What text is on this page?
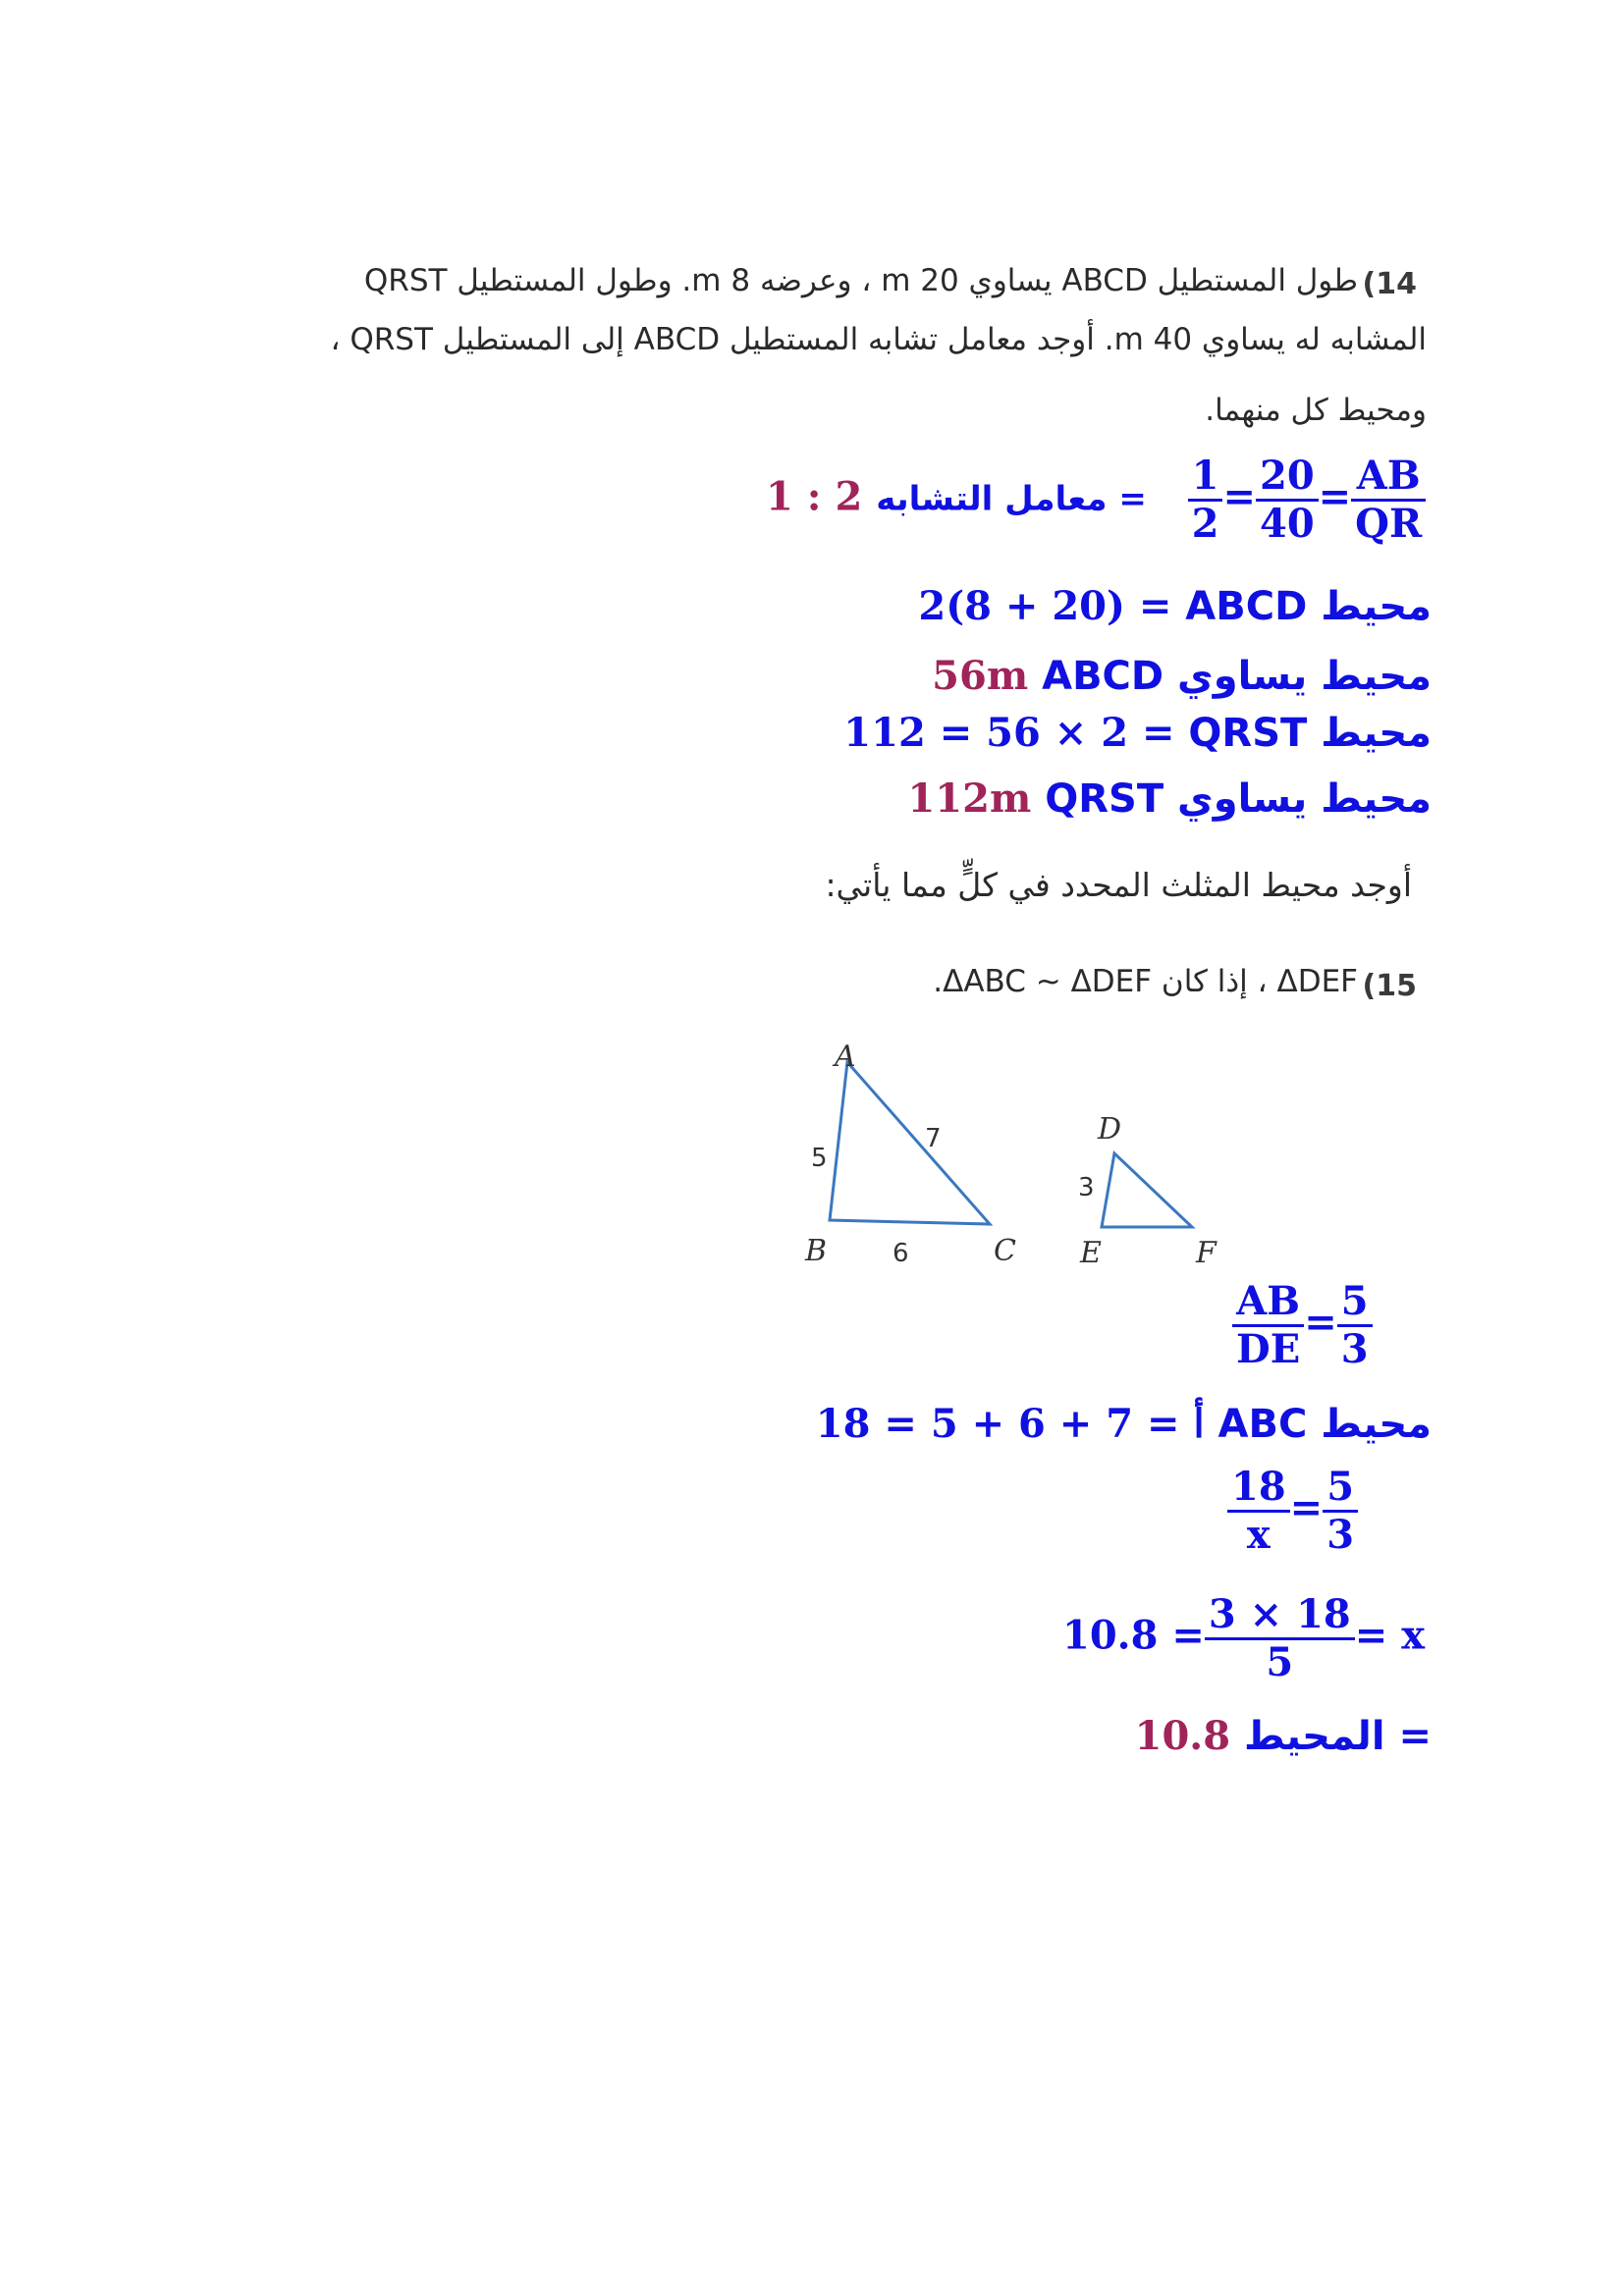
(14
طول المستطيل ABCD يساوي 20 m ، وعرضه 8 m. وطول المستطيل QRST
المشابه له يساوي 40 m. أوجد معامل تشابه المستطيل ABCD إلى المستطيل QRST ،
ومحيط كل منهما.
1 : 2 معامل التشابه = $\frac{1}{2} = \frac{20}{40} = \frac{AB}{QR}$
2(8 + 20) = ABCD محيط
56m ABCD محيط يساوي
112 = 56 × 2 = QRST محيط
112m QRST محيط يساوي
أوجد محيط المثلث المحدد في كلٍّ مما يأتي:
(15
ΔDEF ، إذا كان ΔABC ~ ΔDEF.
A
B	C
5
7
6
D
E	F
3
$\frac{AB}{DE} = \frac{5}{3}$
18 = 5 + 6 + 7 = أ ABC محيط
$\frac{18}{x} = \frac{5}{3}$
$10.8 = \frac{3 \times 18}{5} = x$
10.8 المحيط =
